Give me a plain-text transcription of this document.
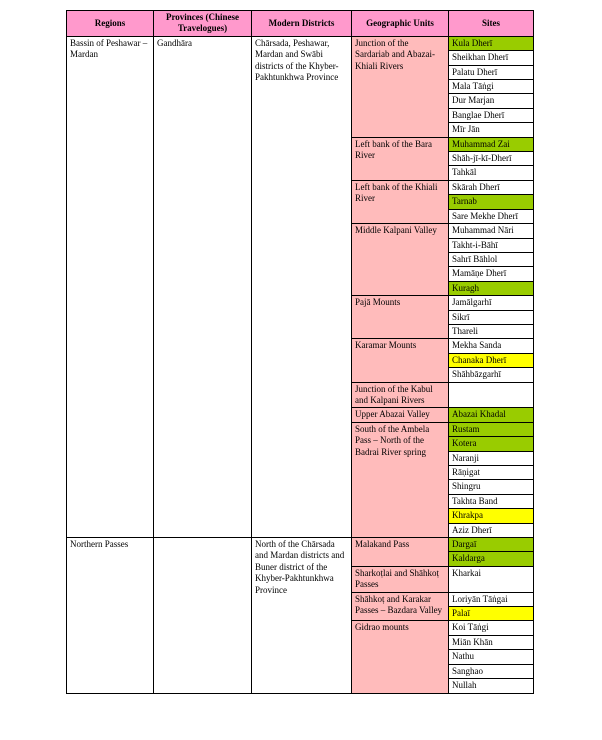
Regions	Provinces (Chinese Travelogues)	Modern Districts	Geographic Units	Sites
Bassin of Peshawar – Mardan	Gandhāra	Chārsada, Peshawar, Mardan and Swābi districts of the Khyber-Pakhtunkhwa Province	Junction of the Sardariab and Abazai-Khiali Rivers	Kula Dherī

				Sheikhan Dherī
				Palatu Dherī
				Mala Tāṅgi
				Dur Marjan
				Banglae Dherī
				Mīr Jān
			Left bank of the Bara River	Muhammad Zai
				Shāh-jī-kī-Dherī
				Tahkāl

			Left bank of the Khiali River	Skārah Dherī
				Tarnab
				Sare Mekhe Dherī

			Middle Kalpani Valley	Muhammad Nāri
				Takht-i-Bāhī
				Sahrī Bāhlol
				Mamāṇe Dherī
				Kuragh
			Pajā Mounts	Jamālgarhī
				Sikrī
				Thareli
			Karamar Mounts	Mekha Sanda
				Chanaka Dherī
				Shāhbāzgarhī

			Junction of the Kabul and Kalpani Rivers	

			Upper Abazai Valley	Abazai Khadal
			South of the Ambela Pass – North of the Badrai River spring	Rustam

				Kotera
				Naranji
				Rāṇigat
				Shingru
				Takhta Band
				Khrakpa
				Aziz Dherī
Northern Passes		North of the Chārsada and Mardan districts and Buner district of the Khyber-Pakhtunkhwa Province	Malakand Pass	Dargaī

				Kaldarga
			Sharkoṭlai and Shāhkoṭ Passes	Kharkai

			Shāhkoṭ and Karakar Passes – Bazdara Valley	Loriyān Tāṅgai
				Palaī

			Gidrao mounts	Koi Tāṅgi
				Miān Khān
				Nathu
				Sanghao
				Nullah
